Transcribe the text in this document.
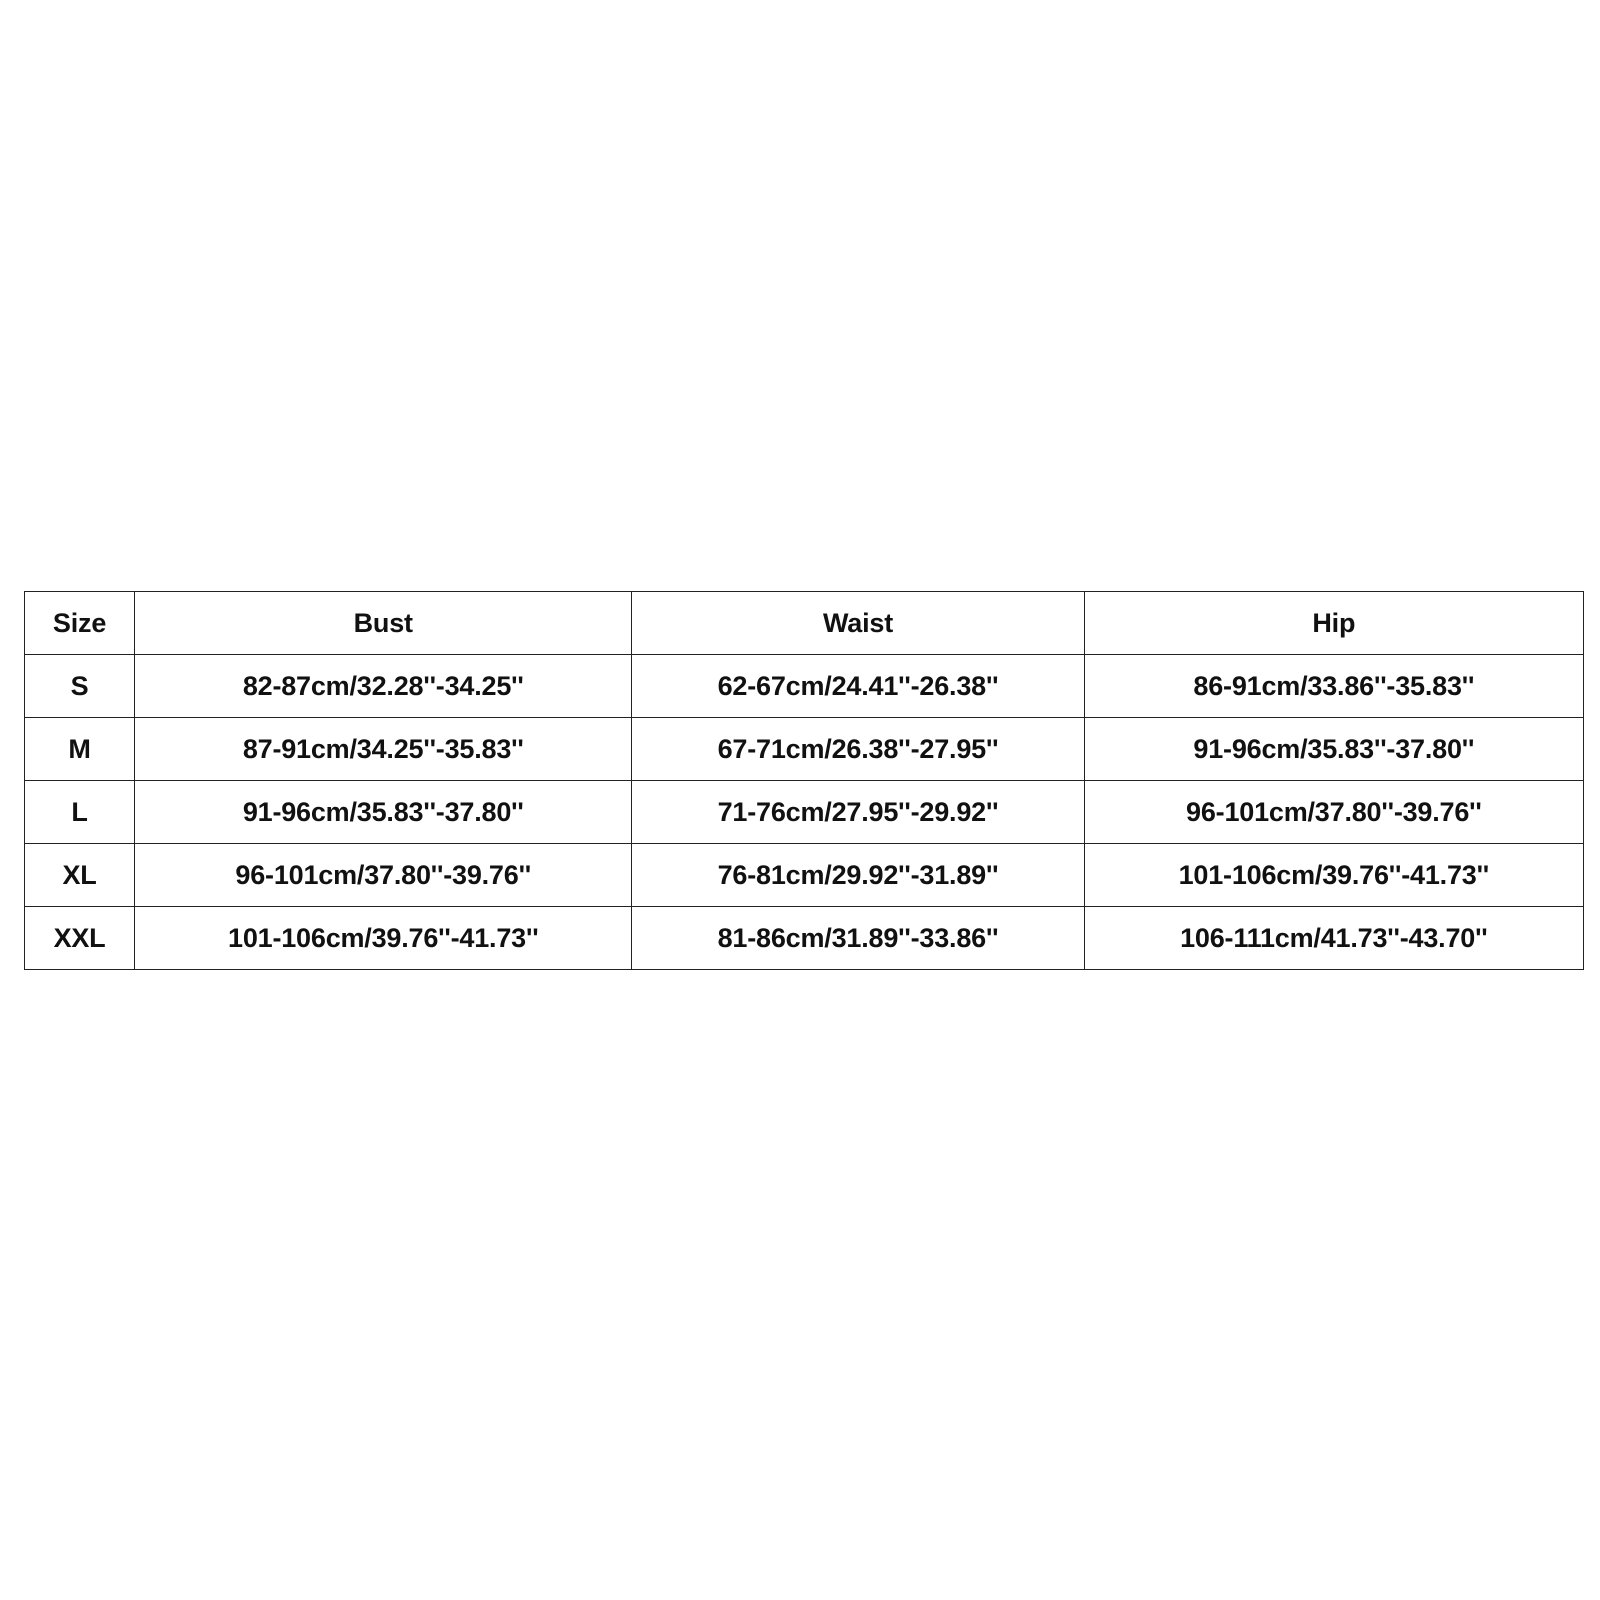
Size	Bust	Waist	Hip
S	82-87cm/32.28''-34.25''	62-67cm/24.41''-26.38''	86-91cm/33.86''-35.83''
M	87-91cm/34.25''-35.83''	67-71cm/26.38''-27.95''	91-96cm/35.83''-37.80''
L	91-96cm/35.83''-37.80''	71-76cm/27.95''-29.92''	96-101cm/37.80''-39.76''
XL	96-101cm/37.80''-39.76''	76-81cm/29.92''-31.89''	101-106cm/39.76''-41.73''
XXL	101-106cm/39.76''-41.73''	81-86cm/31.89''-33.86''	106-111cm/41.73''-43.70''
